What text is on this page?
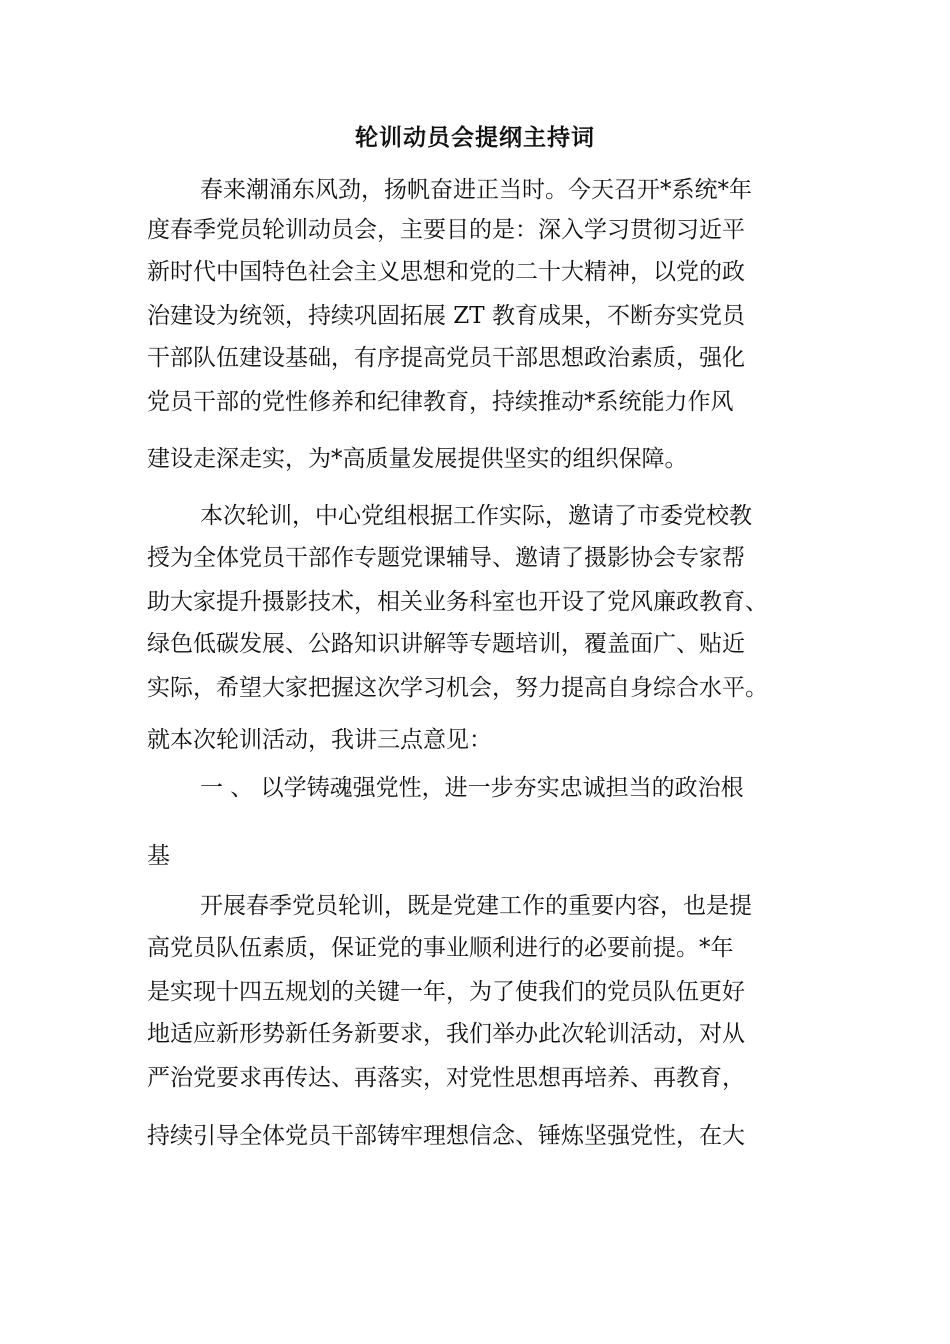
轮训动员会提纲主持词
春来潮涌东风劲，扬帆奋进正当时。今天召开*系统*年
度春季党员轮训动员会，主要目的是：深入学习贯彻习近平
新时代中国特色社会主义思想和党的二十大精神，以党的政
治建设为统领，持续巩固拓展 ZT 教育成果，不断夯实党员
干部队伍建设基础，有序提高党员干部思想政治素质，强化
党员干部的党性修养和纪律教育，持续推动*系统能力作风
建设走深走实，为*高质量发展提供坚实的组织保障。
本次轮训，中心党组根据工作实际，邀请了市委党校教
授为全体党员干部作专题党课辅导、邀请了摄影协会专家帮
助大家提升摄影技术，相关业务科室也开设了党风廉政教育、
绿色低碳发展、公路知识讲解等专题培训，覆盖面广、贴近
实际，希望大家把握这次学习机会，努力提高自身综合水平。
就本次轮训活动，我讲三点意见：
一 、 以学铸魂强党性，进一步夯实忠诚担当的政治根
基
开展春季党员轮训，既是党建工作的重要内容，也是提
高党员队伍素质，保证党的事业顺利进行的必要前提。*年
是实现十四五规划的关键一年，为了使我们的党员队伍更好
地适应新形势新任务新要求，我们举办此次轮训活动，对从
严治党要求再传达、再落实，对党性思想再培养、再教育，
持续引导全体党员干部铸牢理想信念、锤炼坚强党性，在大
